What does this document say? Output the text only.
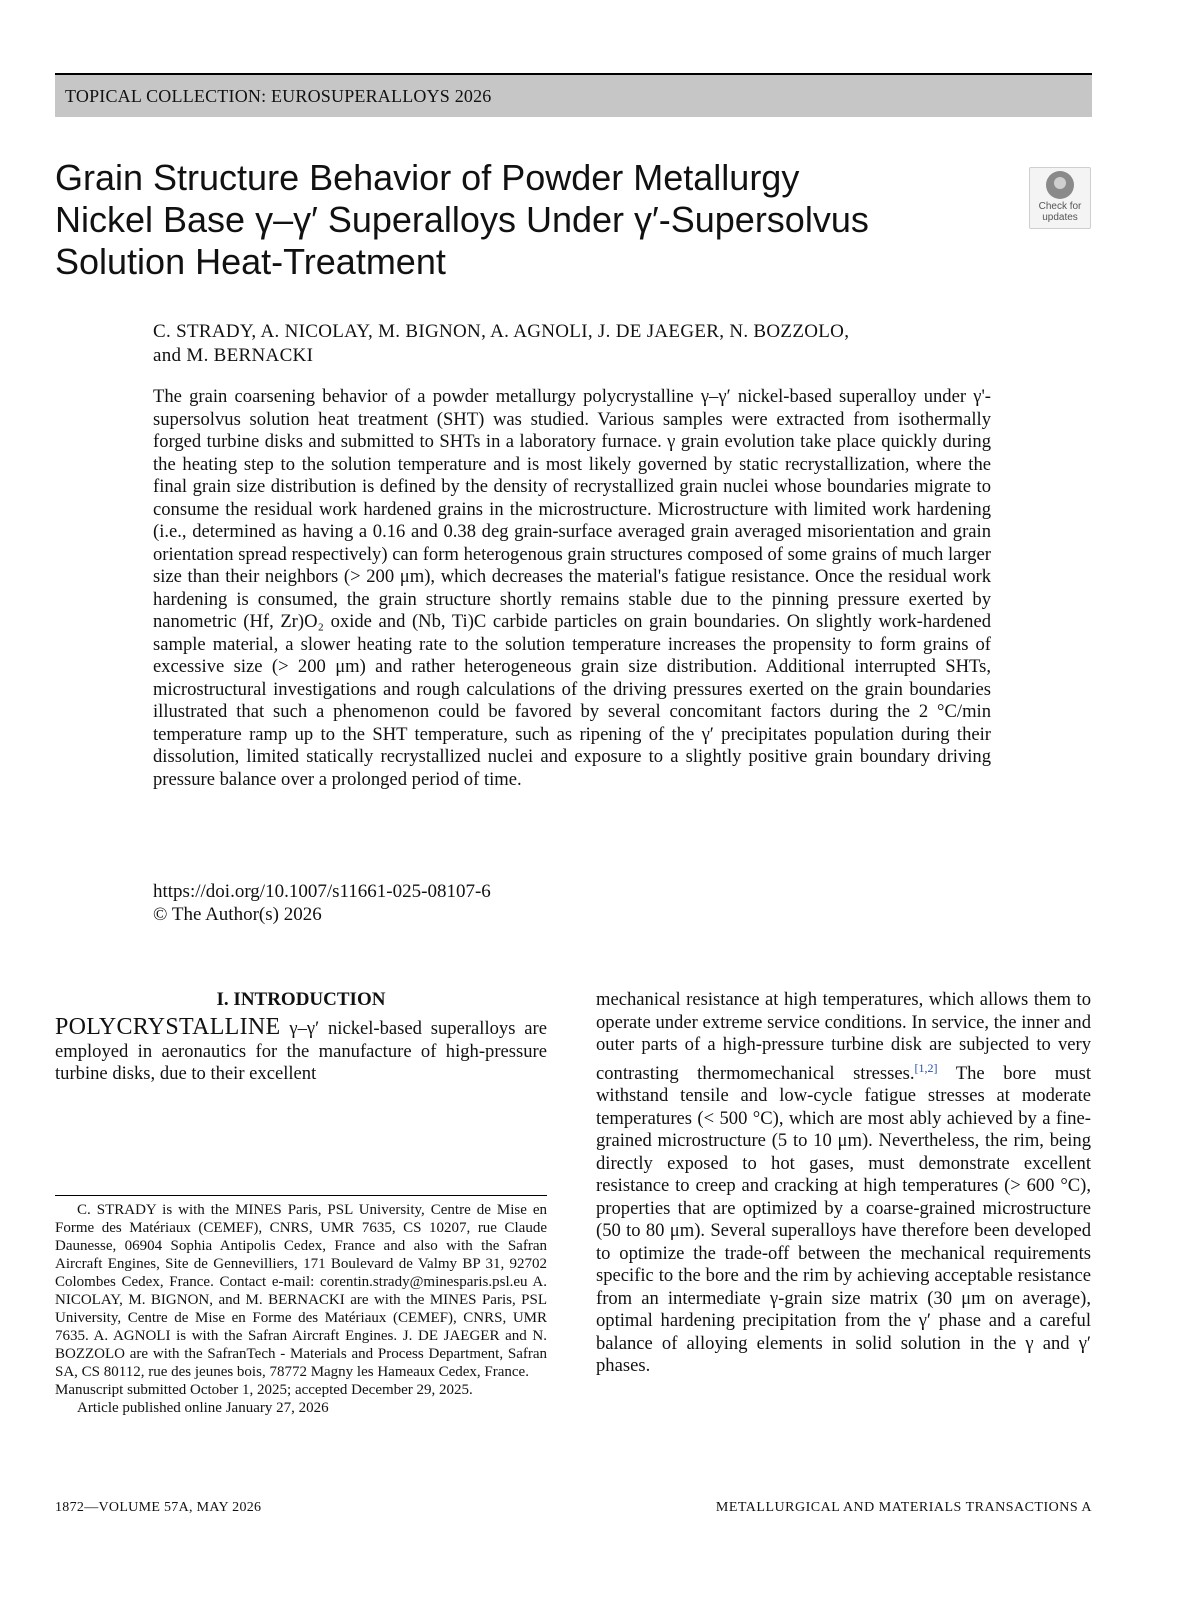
TOPICAL COLLECTION: EUROSUPERALLOYS 2026
Grain Structure Behavior of Powder Metallurgy
Nickel Base γ–γ′ Superalloys Under γ′-Supersolvus
Solution Heat-Treatment
Check for
updates
C. STRADY, A. NICOLAY, M. BIGNON, A. AGNOLI, J. DE JAEGER, N. BOZZOLO,
and M. BERNACKI
The grain coarsening behavior of a powder metallurgy polycrystalline γ–γ′ nickel-based superalloy under γ'-supersolvus solution heat treatment (SHT) was studied. Various samples were extracted from isothermally forged turbine disks and submitted to SHTs in a laboratory furnace. γ grain evolution take place quickly during the heating step to the solution temperature and is most likely governed by static recrystallization, where the final grain size distribution is defined by the density of recrystallized grain nuclei whose boundaries migrate to consume the residual work hardened grains in the microstructure. Microstructure with limited work hardening (i.e., determined as having a 0.16 and 0.38 deg grain-surface averaged grain averaged misorientation and grain orientation spread respectively) can form heterogenous grain structures composed of some grains of much larger size than their neighbors (> 200 μm), which decreases the material's fatigue resistance. Once the residual work hardening is consumed, the grain structure shortly remains stable due to the pinning pressure exerted by nanometric (Hf, Zr)O₂ oxide and (Nb, Ti)C carbide particles on grain boundaries. On slightly work-hardened sample material, a slower heating rate to the solution temperature increases the propensity to form grains of excessive size (> 200 μm) and rather heterogeneous grain size distribution. Additional interrupted SHTs, microstructural investigations and rough calculations of the driving pressures exerted on the grain boundaries illustrated that such a phenomenon could be favored by several concomitant factors during the 2 °C/min temperature ramp up to the SHT temperature, such as ripening of the γ′ precipitates population during their dissolution, limited statically recrystallized nuclei and exposure to a slightly positive grain boundary driving pressure balance over a prolonged period of time.
https://doi.org/10.1007/s11661-025-08107-6
© The Author(s) 2026
I. INTRODUCTION
POLYCRYSTALLINE γ–γ′ nickel-based superalloys are employed in aeronautics for the manufacture of high-pressure turbine disks, due to their excellent

C. STRADY is with the MINES Paris, PSL University, Centre de Mise en Forme des Matériaux (CEMEF), CNRS, UMR 7635, CS 10207, rue Claude Daunesse, 06904 Sophia Antipolis Cedex, France and also with the Safran Aircraft Engines, Site de Gennevilliers, 171 Boulevard de Valmy BP 31, 92702 Colombes Cedex, France. Contact e-mail: corentin.strady@minesparis.psl.eu A. NICOLAY, M. BIGNON, and M. BERNACKI are with the MINES Paris, PSL University, Centre de Mise en Forme des Matériaux (CEMEF), CNRS, UMR 7635. A. AGNOLI is with the Safran Aircraft Engines. J. DE JAEGER and N. BOZZOLO are with the SafranTech - Materials and Process Department, Safran SA, CS 80112, rue des jeunes bois, 78772 Magny les Hameaux Cedex, France.

Manuscript submitted October 1, 2025; accepted December 29, 2025.

Article published online January 27, 2026

mechanical resistance at high temperatures, which allows them to operate under extreme service conditions. In service, the inner and outer parts of a high-pressure turbine disk are subjected to very contrasting thermomechanical stresses.[1,2] The bore must withstand tensile and low-cycle fatigue stresses at moderate temperatures (< 500 °C), which are most ably achieved by a fine-grained microstructure (5 to 10 μm). Nevertheless, the rim, being directly exposed to hot gases, must demonstrate excellent resistance to creep and cracking at high temperatures (> 600 °C), properties that are optimized by a coarse-grained microstructure (50 to 80 μm). Several superalloys have therefore been developed to optimize the trade-off between the mechanical requirements specific to the bore and the rim by achieving acceptable resistance from an intermediate γ-grain size matrix (30 μm on average), optimal hardening precipitation from the γ′ phase and a careful balance of alloying elements in solid solution in the γ and γ′ phases.
1872—VOLUME 57A, MAY 2026	METALLURGICAL AND MATERIALS TRANSACTIONS A
